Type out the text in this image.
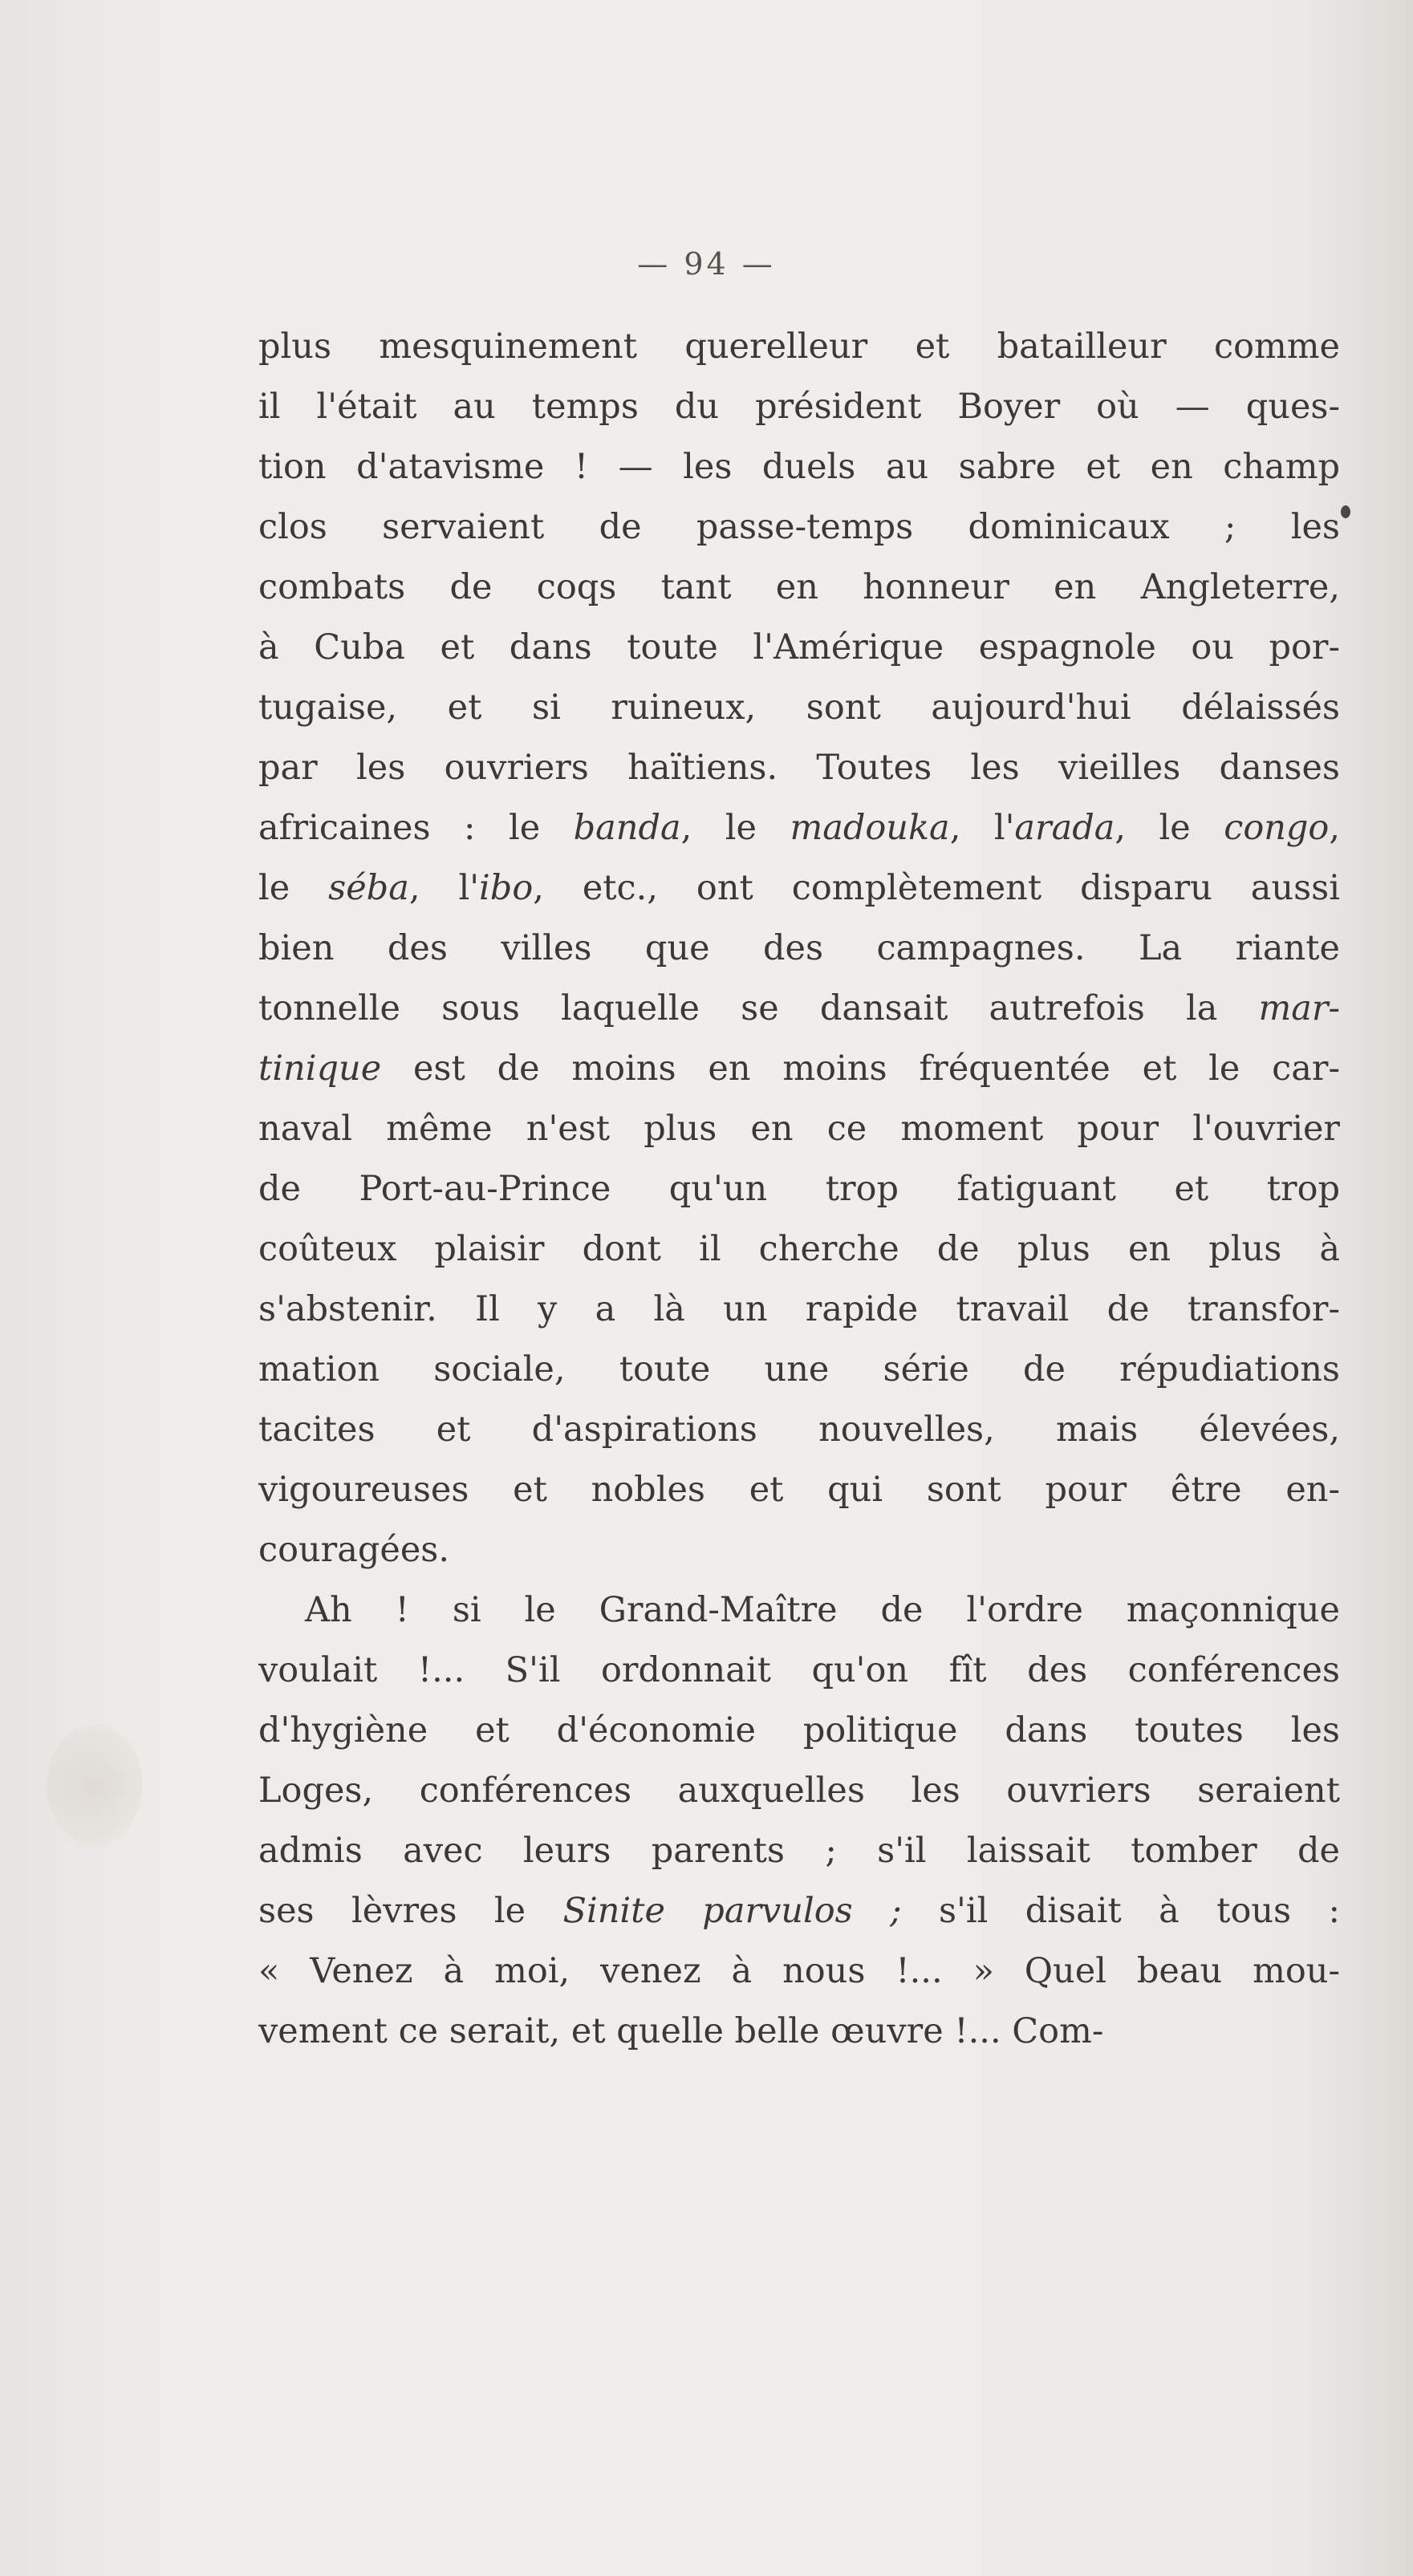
— 94 —
plus mesquinement querelleur et batailleur comme
il l'était au temps du président Boyer où — ques-
tion d'atavisme ! — les duels au sabre et en champ
clos servaient de passe-temps dominicaux ; les
combats de coqs tant en honneur en Angleterre,
à Cuba et dans toute l'Amérique espagnole ou por-
tugaise, et si ruineux, sont aujourd'hui délaissés
par les ouvriers haïtiens. Toutes les vieilles danses
africaines : le banda, le madouka, l'arada, le congo,
le séba, l'ibo, etc., ont complètement disparu aussi
bien des villes que des campagnes. La riante
tonnelle sous laquelle se dansait autrefois la mar-
tinique est de moins en moins fréquentée et le car-
naval même n'est plus en ce moment pour l'ouvrier
de Port-au-Prince qu'un trop fatiguant et trop
coûteux plaisir dont il cherche de plus en plus à
s'abstenir. Il y a là un rapide travail de transfor-
mation sociale, toute une série de répudiations
tacites et d'aspirations nouvelles, mais élevées,
vigoureuses et nobles et qui sont pour être en-
couragées.
Ah ! si le Grand-Maître de l'ordre maçonnique
voulait !... S'il ordonnait qu'on fît des conférences
d'hygiène et d'économie politique dans toutes les
Loges, conférences auxquelles les ouvriers seraient
admis avec leurs parents ; s'il laissait tomber de
ses lèvres le Sinite parvulos ; s'il disait à tous :
« Venez à moi, venez à nous !... » Quel beau mou-
vement ce serait, et quelle belle œuvre !... Com-
